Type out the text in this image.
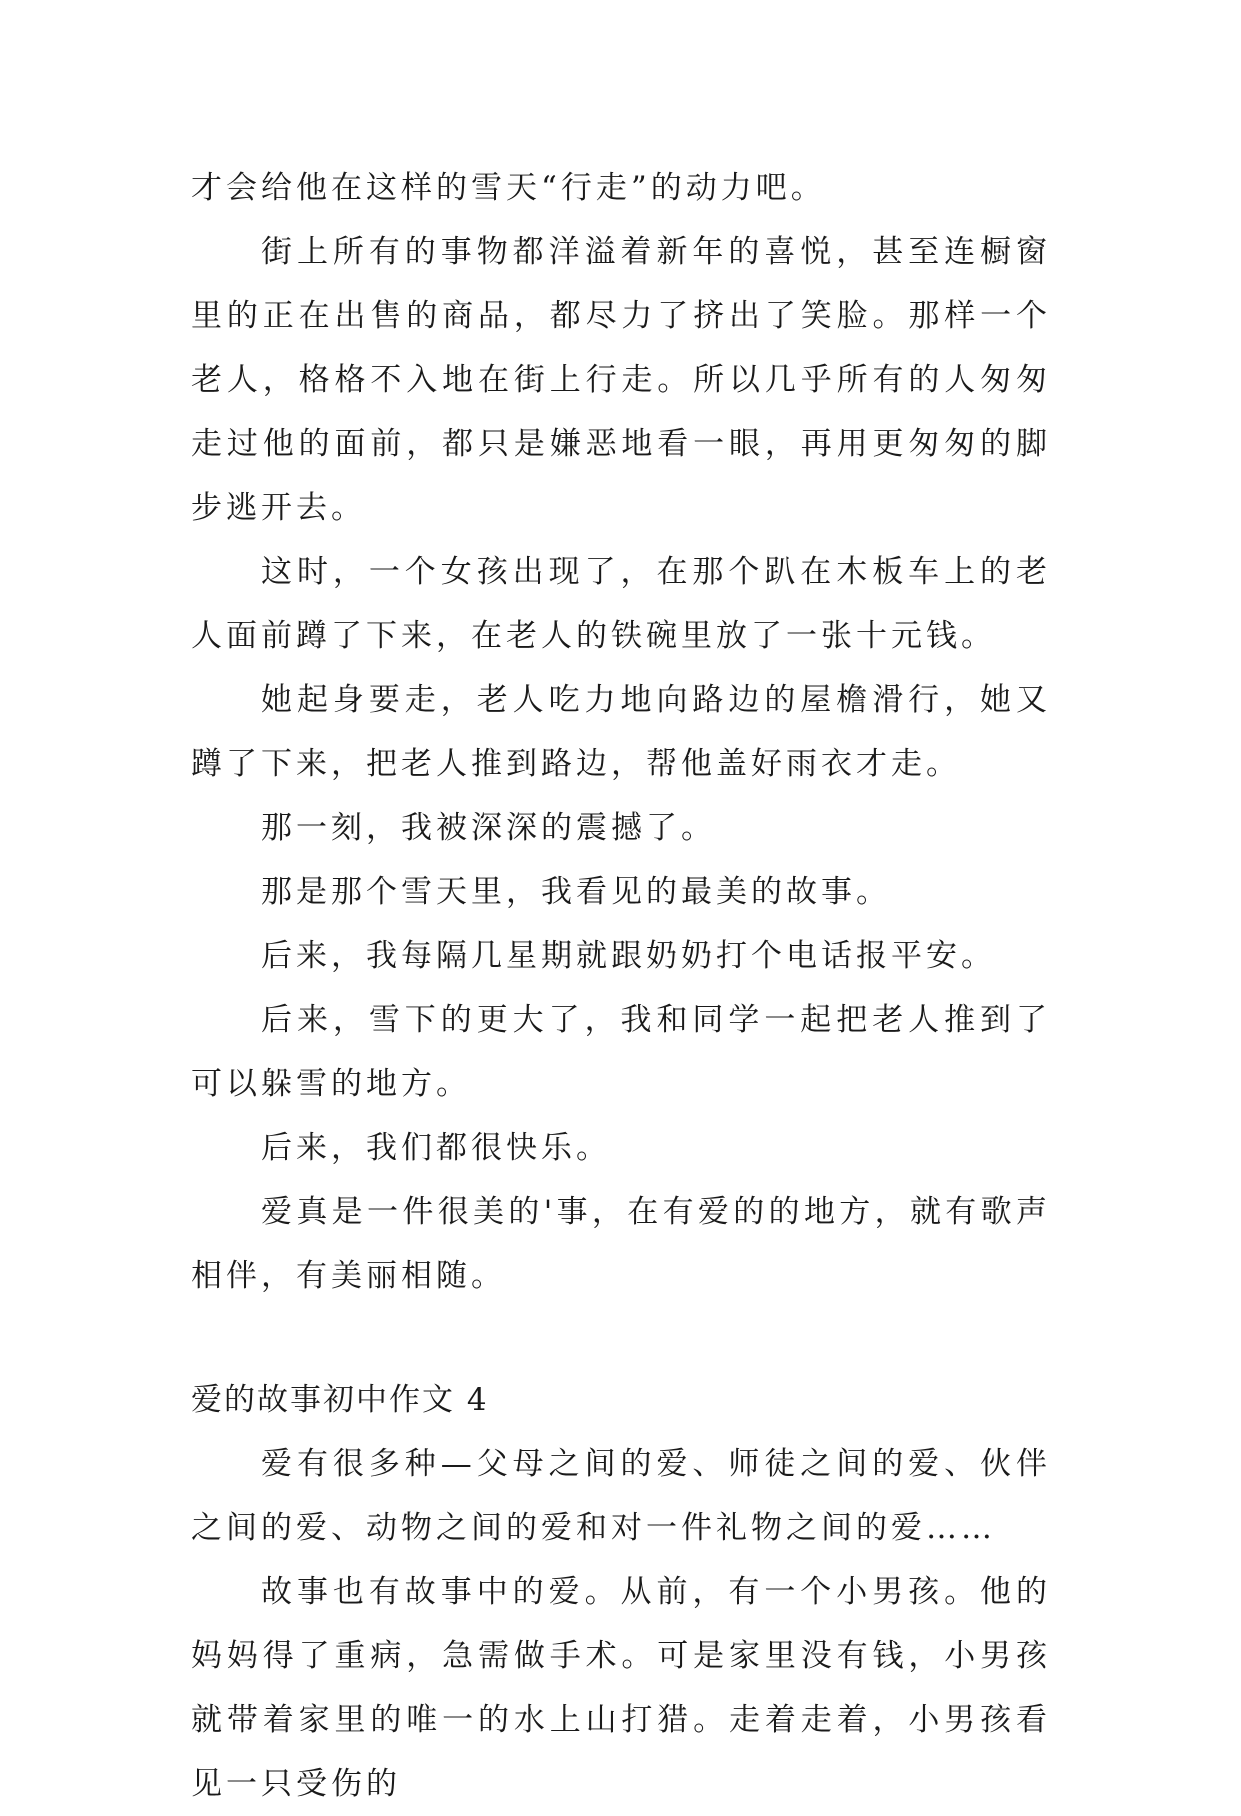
才会给他在这样的雪天“行走”的动力吧。

街上所有的事物都洋溢着新年的喜悦，甚至连橱窗里的正在出售的商品，都尽力了挤出了笑脸。那样一个老人，格格不入地在街上行走。所以几乎所有的人匆匆走过他的面前，都只是嫌恶地看一眼，再用更匆匆的脚步逃开去。

这时，一个女孩出现了，在那个趴在木板车上的老人面前蹲了下来，在老人的铁碗里放了一张十元钱。

她起身要走，老人吃力地向路边的屋檐滑行，她又蹲了下来，把老人推到路边，帮他盖好雨衣才走。

那一刻，我被深深的震撼了。

那是那个雪天里，我看见的最美的故事。

后来，我每隔几星期就跟奶奶打个电话报平安。

后来，雪下的更大了，我和同学一起把老人推到了可以躲雪的地方。

后来，我们都很快乐。

爱真是一件很美的'事，在有爱的的地方，就有歌声相伴，有美丽相随。

爱的故事初中作文 4

爱有很多种—父母之间的爱、师徒之间的爱、伙伴之间的爱、动物之间的爱和对一件礼物之间的爱……

故事也有故事中的爱。从前，有一个小男孩。他的妈妈得了重病，急需做手术。可是家里没有钱，小男孩就带着家里的唯一的水上山打猎。走着走着，小男孩看见一只受伤的
